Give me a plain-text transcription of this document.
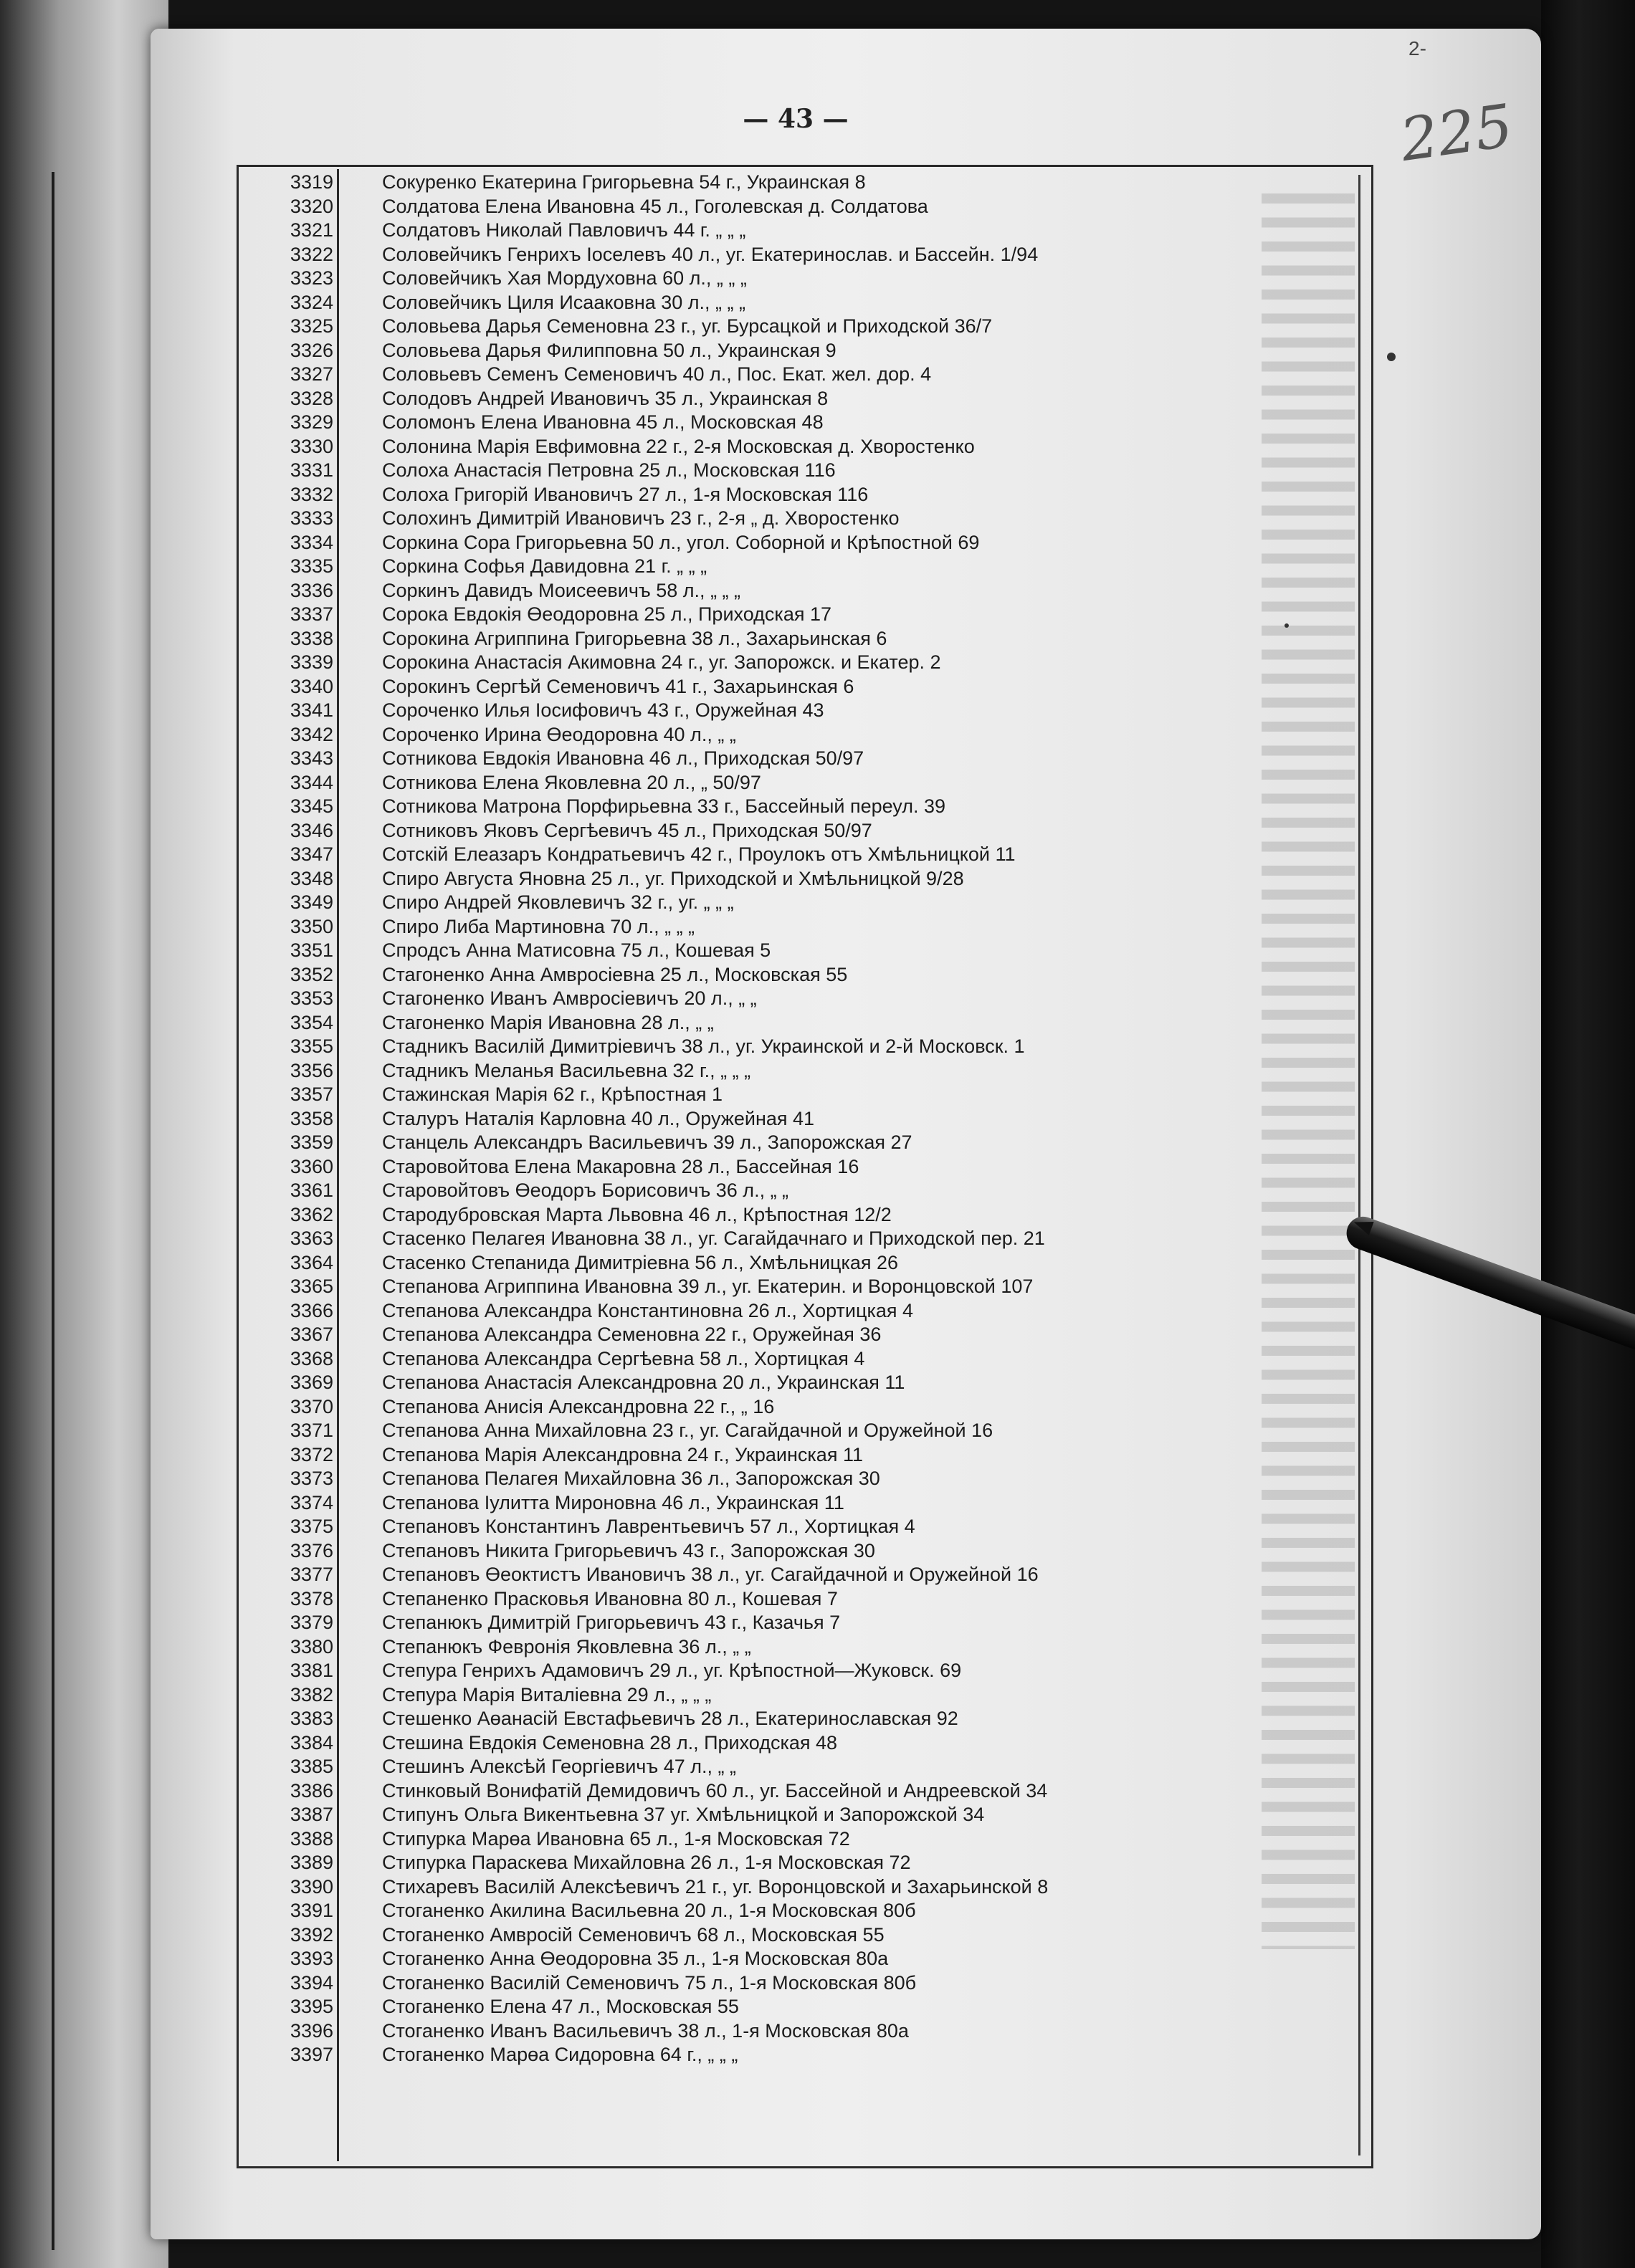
2-
— 43 —	225
3319	Сокуренко Екатерина Григорьевна 54 г., Украинская 8
3320	Солдатова Елена Ивановна 45 л., Гоголевская д. Солдатова
3321	Солдатовъ Николай Павловичъ 44 г. „ „ „
3322	Соловейчикъ Генрихъ Іоселевъ 40 л., уг. Екатеринослав. и Бассейн. 1/94
3323	Соловейчикъ Хая Мордуховна 60 л., „ „ „
3324	Соловейчикъ Циля Исааковна 30 л., „ „ „
3325	Соловьева Дарья Семеновна 23 г., уг. Бурсацкой и Приходской 36/7
3326	Соловьева Дарья Филипповна 50 л., Украинская 9
3327	Соловьевъ Семенъ Семеновичъ 40 л., Пос. Екат. жел. дор. 4
3328	Солодовъ Андрей Ивановичъ 35 л., Украинская 8
3329	Соломонъ Елена Ивановна 45 л., Московская 48
3330	Солонина Марія Евфимовна 22 г., 2-я Московская д. Хворостенко
3331	Солоха Анастасія Петровна 25 л., Московская 116
3332	Солоха Григорій Ивановичъ 27 л., 1-я Московская 116
3333	Солохинъ Димитрій Ивановичъ 23 г., 2-я „ д. Хворостенко
3334	Соркина Сора Григорьевна 50 л., угол. Соборной и Крѣпостной 69
3335	Соркина Софья Давидовна 21 г. „ „ „
3336	Соркинъ Давидъ Моисеевичъ 58 л., „ „ „
3337	Сорока Евдокія Өеодоровна 25 л., Приходская 17
3338	Сорокина Агриппина Григорьевна 38 л., Захарьинская 6
3339	Сорокина Анастасія Акимовна 24 г., уг. Запорожск. и Екатер. 2
3340	Сорокинъ Сергѣй Семеновичъ 41 г., Захарьинская 6
3341	Сороченко Илья Іосифовичъ 43 г., Оружейная 43
3342	Сороченко Ирина Өеодоровна 40 л., „ „
3343	Сотникова Евдокія Ивановна 46 л., Приходская 50/97
3344	Сотникова Елена Яковлевна 20 л., „ 50/97
3345	Сотникова Матрона Порфирьевна 33 г., Бассейный переул. 39
3346	Сотниковъ Яковъ Сергѣевичъ 45 л., Приходская 50/97
3347	Сотскій Елеазаръ Кондратьевичъ 42 г., Проулокъ отъ Хмѣльницкой 11
3348	Спиро Августа Яновна 25 л., уг. Приходской и Хмѣльницкой 9/28
3349	Спиро Андрей Яковлевичъ 32 г., уг. „ „ „
3350	Спиро Либа Мартиновна 70 л., „ „ „
3351	Спродсъ Анна Матисовна 75 л., Кошевая 5
3352	Стагоненко Анна Амвросіевна 25 л., Московская 55
3353	Стагоненко Иванъ Амвросіевичъ 20 л., „ „
3354	Стагоненко Марія Ивановна 28 л., „ „
3355	Стадникъ Василій Димитріевичъ 38 л., уг. Украинской и 2-й Московск. 1
3356	Стадникъ Меланья Васильевна 32 г., „ „ „
3357	Стажинская Марія 62 г., Крѣпостная 1
3358	Сталуръ Наталія Карловна 40 л., Оружейная 41
3359	Станцель Александръ Васильевичъ 39 л., Запорожская 27
3360	Старовойтова Елена Макаровна 28 л., Бассейная 16
3361	Старовойтовъ Өеодоръ Борисовичъ 36 л., „ „
3362	Стародубровская Марта Львовна 46 л., Крѣпостная 12/2
3363	Стасенко Пелагея Ивановна 38 л., уг. Сагайдачнаго и Приходской пер. 21
3364	Стасенко Степанида Димитріевна 56 л., Хмѣльницкая 26
3365	Степанова Агриппина Ивановна 39 л., уг. Екатерин. и Воронцовской 107
3366	Степанова Александра Константиновна 26 л., Хортицкая 4
3367	Степанова Александра Семеновна 22 г., Оружейная 36
3368	Степанова Александра Сергѣевна 58 л., Хортицкая 4
3369	Степанова Анастасія Александровна 20 л., Украинская 11
3370	Степанова Анисія Александровна 22 г., „ 16
3371	Степанова Анна Михайловна 23 г., уг. Сагайдачной и Оружейной 16
3372	Степанова Марія Александровна 24 г., Украинская 11
3373	Степанова Пелагея Михайловна 36 л., Запорожская 30
3374	Степанова Іулитта Мироновна 46 л., Украинская 11
3375	Степановъ Константинъ Лаврентьевичъ 57 л., Хортицкая 4
3376	Степановъ Никита Григорьевичъ 43 г., Запорожская 30
3377	Степановъ Өеоктистъ Ивановичъ 38 л., уг. Сагайдачной и Оружейной 16
3378	Степаненко Прасковья Ивановна 80 л., Кошевая 7
3379	Степанюкъ Димитрій Григорьевичъ 43 г., Казачья 7
3380	Степанюкъ Февронія Яковлевна 36 л., „ „
3381	Степура Генрихъ Адамовичъ 29 л., уг. Крѣпостной—Жуковск. 69
3382	Степура Марія Виталіевна 29 л., „ „ „
3383	Стешенко Аөанасій Евстафьевичъ 28 л., Екатеринославская 92
3384	Стешина Евдокія Семеновна 28 л., Приходская 48
3385	Стешинъ Алексѣй Георгіевичъ 47 л., „ „
3386	Стинковый Вонифатій Демидовичъ 60 л., уг. Бассейной и Андреевской 34
3387	Стипунъ Ольга Викентьевна 37 уг. Хмѣльницкой и Запорожской 34
3388	Стипурка Марөа Ивановна 65 л., 1-я Московская 72
3389	Стипурка Параскева Михайловна 26 л., 1-я Московская 72
3390	Стихаревъ Василій Алексѣевичъ 21 г., уг. Воронцовской и Захарьинской 8
3391	Стоганенко Акилина Васильевна 20 л., 1-я Московская 80б
3392	Стоганенко Амвросій Семеновичъ 68 л., Московская 55
3393	Стоганенко Анна Өеодоровна 35 л., 1-я Московская 80а
3394	Стоганенко Василій Семеновичъ 75 л., 1-я Московская 80б
3395	Стоганенко Елена 47 л., Московская 55
3396	Стоганенко Иванъ Васильевичъ 38 л., 1-я Московская 80а
3397	Стоганенко Марөа Сидоровна 64 г., „ „ „
